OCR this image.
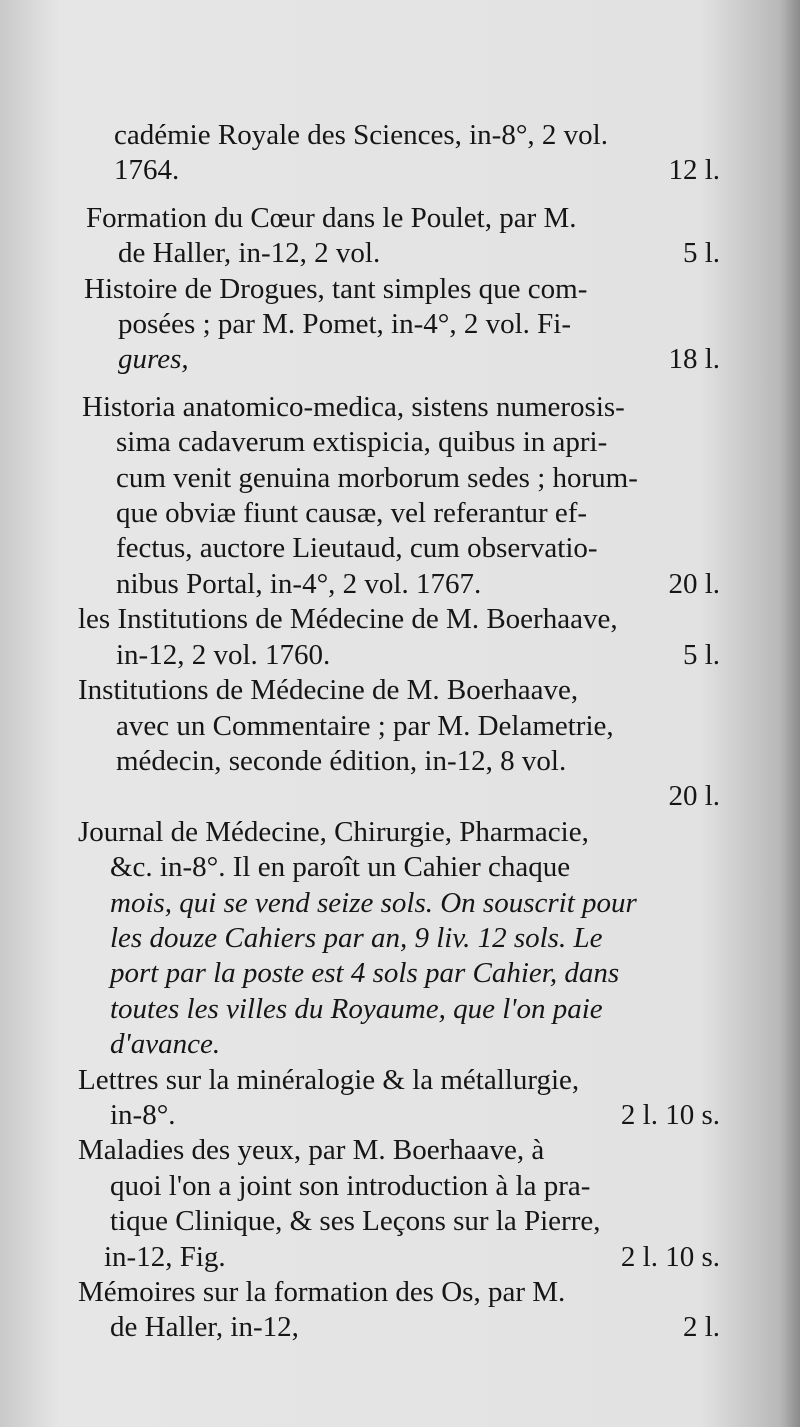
cadémie Royale des Sciences, in-8°, 2 vol.
1764.	12 l.
Formation du Cœur dans le Poulet, par M.
de Haller, in-12, 2 vol.	5 l.
Histoire de Drogues, tant simples que com-
posées ; par M. Pomet, in-4°, 2 vol. Fi-
gures,	18 l.
Historia anatomico-medica, sistens numerosis-
sima cadaverum extispicia, quibus in apri-
cum venit genuina morborum sedes ; horum-
que obviæ fiunt causæ, vel referantur ef-
fectus, auctore Lieutaud, cum observatio-
nibus Portal, in-4°, 2 vol. 1767.	20 l.
les Institutions de Médecine de M. Boerhaave,
in-12, 2 vol. 1760.	5 l.
Institutions de Médecine de M. Boerhaave,
avec un Commentaire ; par M. Delametrie,
médecin, seconde édition, in-12, 8 vol.
20 l.
Journal de Médecine, Chirurgie, Pharmacie,
&c. in-8°. Il en paroît un Cahier chaque
mois, qui se vend seize sols. On souscrit pour
les douze Cahiers par an, 9 liv. 12 sols. Le
port par la poste est 4 sols par Cahier, dans
toutes les villes du Royaume, que l'on paie
d'avance.
Lettres sur la minéralogie & la métallurgie,
in-8°.	2 l. 10 s.
Maladies des yeux, par M. Boerhaave, à
quoi l'on a joint son introduction à la pra-
tique Clinique, & ses Leçons sur la Pierre,
in-12, Fig.	2 l. 10 s.
Mémoires sur la formation des Os, par M.
de Haller, in-12,	2 l.
